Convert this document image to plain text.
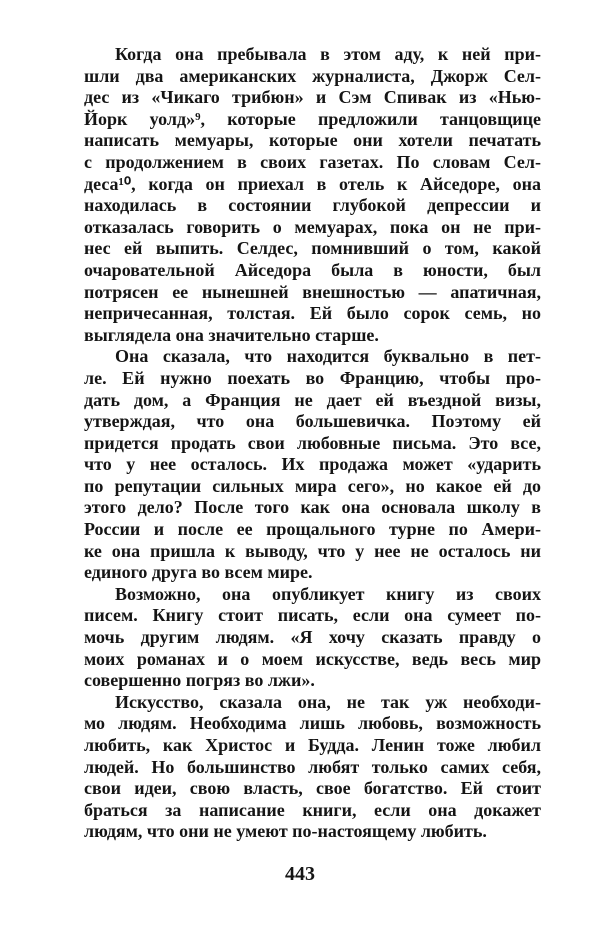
Когда она пребывала в этом аду, к ней при-
шли два американских журналиста, Джорж Сел-
дес из «Чикаго трибюн» и Сэм Спивак из «Нью-
Йорк уолд»⁹, которые предложили танцовщице
написать мемуары, которые они хотели печатать
с продолжением в своих газетах. По словам Сел-
деса¹⁰, когда он приехал в отель к Айседоре, она
находилась в состоянии глубокой депрессии и
отказалась говорить о мемуарах, пока он не при-
нес ей выпить. Селдес, помнивший о том, какой
очаровательной Айседора была в юности, был
потрясен ее нынешней внешностью — апатичная,
непричесанная, толстая. Ей было сорок семь, но
выглядела она значительно старше.
Она сказала, что находится буквально в пет-
ле. Ей нужно поехать во Францию, чтобы про-
дать дом, а Франция не дает ей въездной визы,
утверждая, что она большевичка. Поэтому ей
придется продать свои любовные письма. Это все,
что у нее осталось. Их продажа может «ударить
по репутации сильных мира сего», но какое ей до
этого дело? После того как она основала школу в
России и после ее прощального турне по Амери-
ке она пришла к выводу, что у нее не осталось ни
единого друга во всем мире.
Возможно, она опубликует книгу из своих
писем. Книгу стоит писать, если она сумеет по-
мочь другим людям. «Я хочу сказать правду о
моих романах и о моем искусстве, ведь весь мир
совершенно погряз во лжи».
Искусство, сказала она, не так уж необходи-
мо людям. Необходима лишь любовь, возможность
любить, как Христос и Будда. Ленин тоже любил
людей. Но большинство любят только самих себя,
свои идеи, свою власть, свое богатство. Ей стоит
браться за написание книги, если она докажет
людям, что они не умеют по-настоящему любить.
443
